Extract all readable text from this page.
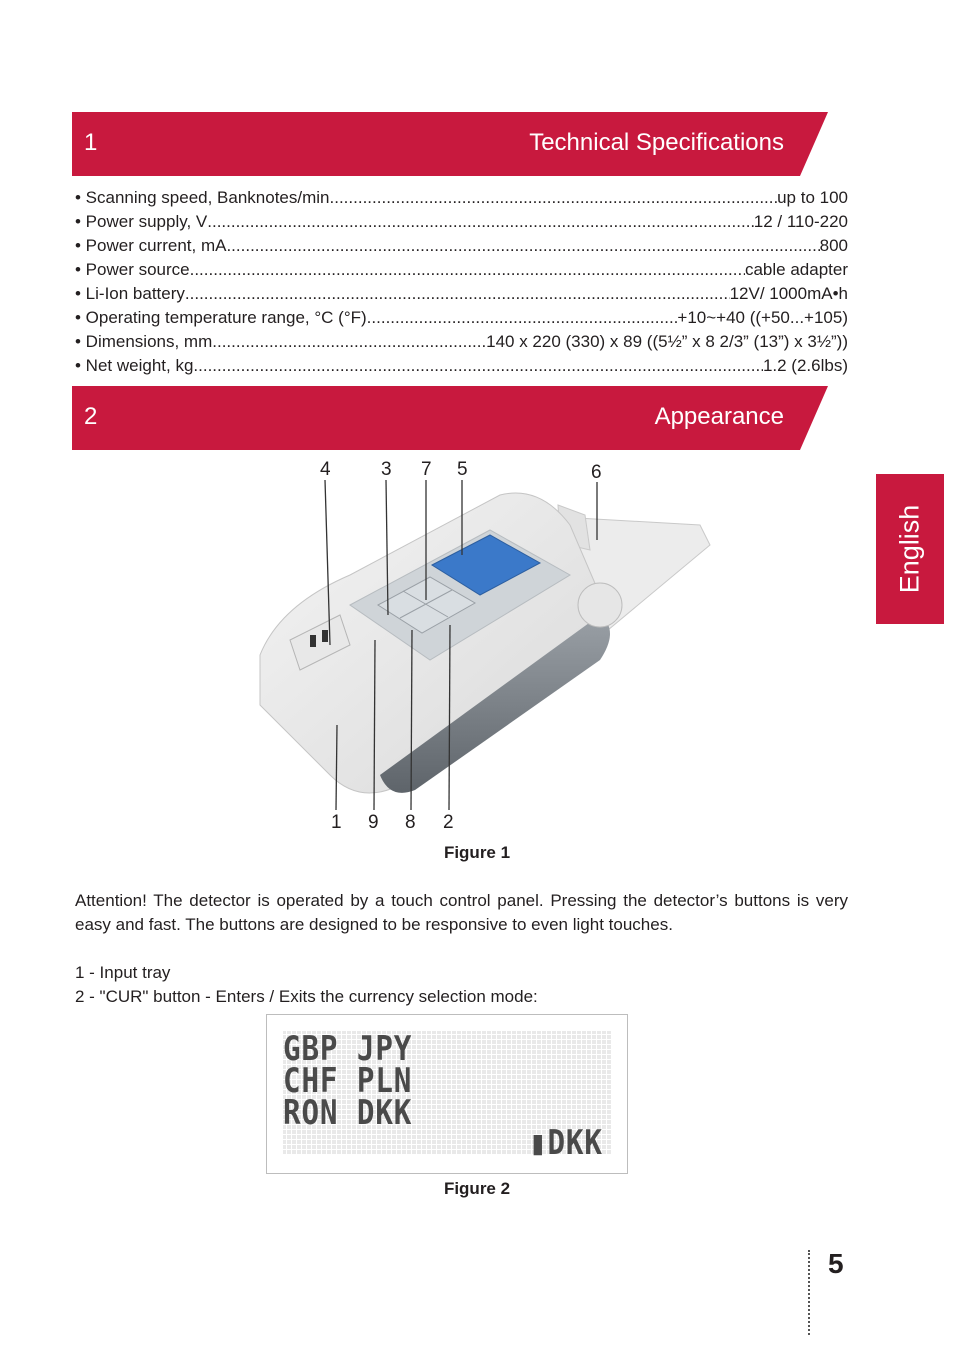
1	Technical Specifications
• Scanning speed, Banknotes/min .....	up to 100
• Power supply, V .....	12 / 110-220
• Power current, mA .....	800
• Power source .....	cable adapter
• Li-Ion battery .....	12V/ 1000mA•h
• Operating temperature range, °C (°F) .....	+10~+40 ((+50...+105)
• Dimensions, mm .....	140 x 220 (330) x 89 ((5½” x 8 2/3” (13”) x 3½”))
• Net weight, kg .....	1.2 (2.6lbs)
2	Appearance
English
4	3 7 5	6
1 9 8 2
Figure 1
Attention! The detector is operated by a touch control panel. Pressing the detector’s buttons is very easy and fast. The buttons are designed to be responsive to even light touches.
1 - Input tray
2 - "CUR" button - Enters / Exits the currency selection mode:
GBP JPY
CHF PLN
RON DKK
▮DKK
Figure 2
5
